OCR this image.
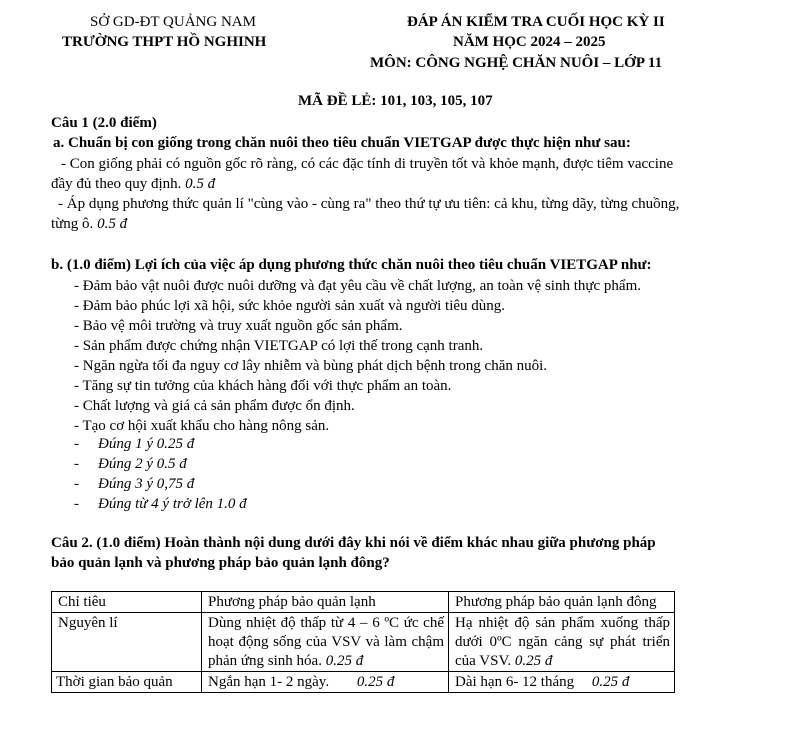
SỞ GD-ĐT QUẢNG NAM
TRƯỜNG THPT HỒ NGHINH
ĐÁP ÁN KIỂM TRA CUỐI HỌC KỲ II
NĂM HỌC 2024 – 2025
MÔN: CÔNG NGHỆ CHĂN NUÔI – LỚP 11
MÃ ĐỀ LẺ: 101, 103, 105, 107
Câu 1 (2.0 điểm)
a. Chuẩn bị con giống trong chăn nuôi theo tiêu chuẩn VIETGAP được thực hiện như sau:
- Con giống phải có nguồn gốc rõ ràng, có các đặc tính di truyền tốt và khỏe mạnh, được tiêm vaccine
đầy đủ theo quy định. 0.5 đ
- Áp dụng phương thức quản lí "cùng vào - cùng ra" theo thứ tự ưu tiên: cả khu, từng dãy, từng chuồng,
từng ô. 0.5 đ
b. (1.0 điểm) Lợi ích của việc áp dụng phương thức chăn nuôi theo tiêu chuẩn VIETGAP như:
- Đảm bảo vật nuôi được nuôi dưỡng và đạt yêu cầu về chất lượng, an toàn vệ sinh thực phẩm.
- Đảm bảo phúc lợi xã hội, sức khỏe người sản xuất và người tiêu dùng.
- Bảo vệ môi trường và truy xuất nguồn gốc sản phẩm.
- Sản phẩm được chứng nhận VIETGAP có lợi thế trong cạnh tranh.
- Ngăn ngừa tối đa nguy cơ lây nhiễm và bùng phát dịch bệnh trong chăn nuôi.
- Tăng sự tin tưởng của khách hàng đối với thực phẩm an toàn.
- Chất lượng và giá cả sản phẩm được ổn định.
- Tạo cơ hội xuất khẩu cho hàng nông sản.
- Đúng 1 ý 0.25 đ
- Đúng 2 ý 0.5 đ
- Đúng 3 ý 0,75 đ
- Đúng từ 4 ý trở lên 1.0 đ
Câu 2. (1.0 điểm) Hoàn thành nội dung dưới đây khi nói về điểm khác nhau giữa phương pháp
bảo quản lạnh và phương pháp bảo quản lạnh đông?
Chỉ tiêu	Phương pháp bảo quản lạnh	Phương pháp bảo quản lạnh đông
Nguyên lí	Dùng nhiệt độ thấp từ 4 – 6 ºC ức chế hoạt động sống của VSV và làm chậm phản ứng sinh hóa. 0.25 đ	Hạ nhiệt độ sản phẩm xuống thấp dưới 0ºC ngăn cảng sự phát triển của VSV. 0.25 đ
Thời gian bảo quản	Ngắn hạn 1- 2 ngày. 0.25 đ	Dài hạn 6- 12 tháng 0.25 đ
